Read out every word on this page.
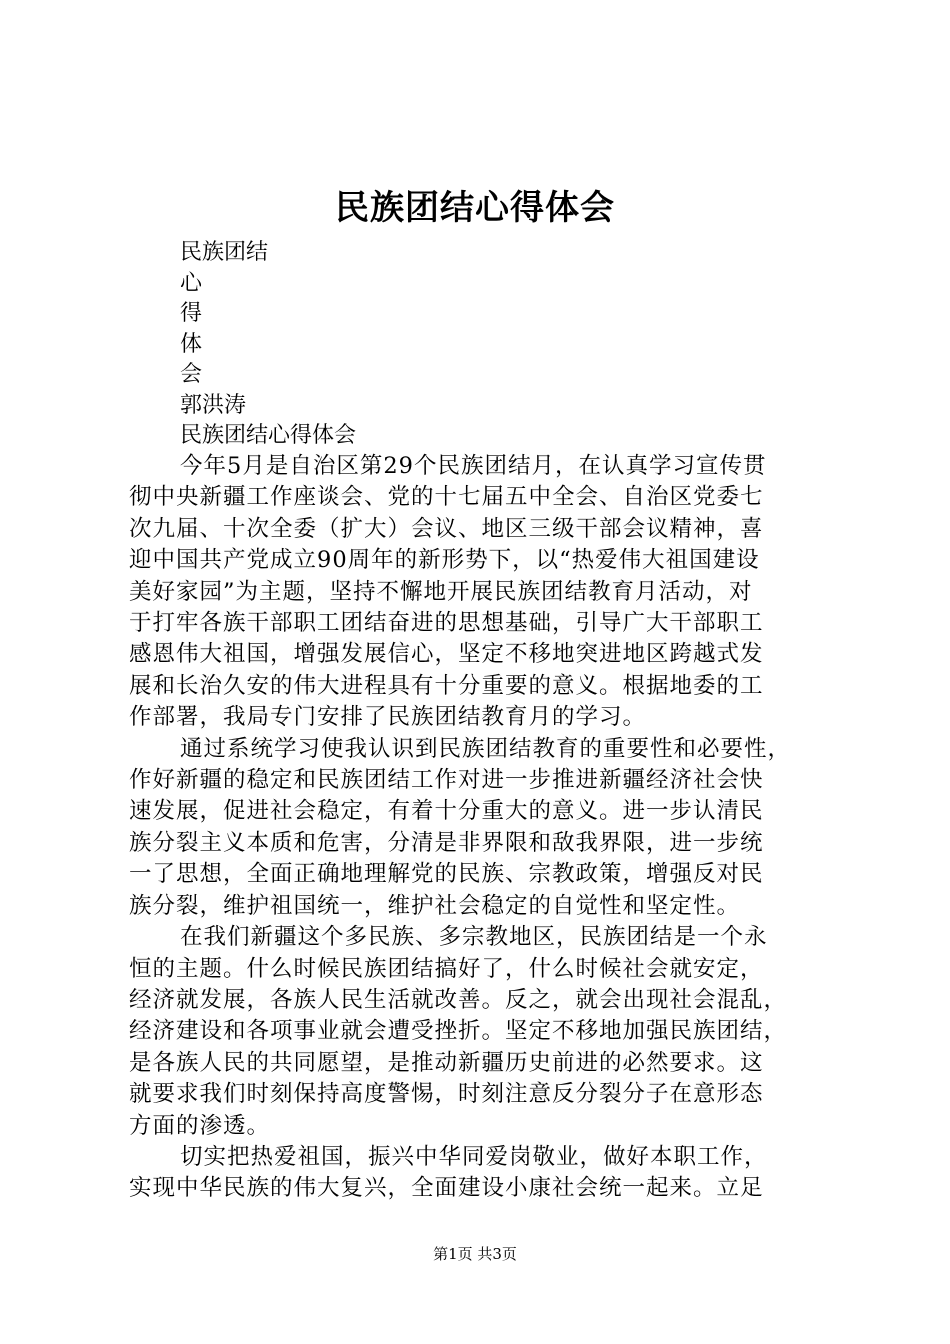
民族团结心得体会
民族团结
心
得
体
会
郭洪涛
民族团结心得体会
今年5月是自治区第29个民族团结月，在认真学习宣传贯
彻中央新疆工作座谈会、党的十七届五中全会、自治区党委七
次九届、十次全委（扩大）会议、地区三级干部会议精神，喜
迎中国共产党成立90周年的新形势下，以“热爱伟大祖国建设
美好家园”为主题，坚持不懈地开展民族团结教育月活动，对
于打牢各族干部职工团结奋进的思想基础，引导广大干部职工
感恩伟大祖国，增强发展信心，坚定不移地突进地区跨越式发
展和长治久安的伟大进程具有十分重要的意义。根据地委的工
作部署，我局专门安排了民族团结教育月的学习。
通过系统学习使我认识到民族团结教育的重要性和必要性，
作好新疆的稳定和民族团结工作对进一步推进新疆经济社会快
速发展，促进社会稳定，有着十分重大的意义。进一步认清民
族分裂主义本质和危害，分清是非界限和敌我界限，进一步统
一了思想，全面正确地理解党的民族、宗教政策，增强反对民
族分裂，维护祖国统一，维护社会稳定的自觉性和坚定性。
在我们新疆这个多民族、多宗教地区，民族团结是一个永
恒的主题。什么时候民族团结搞好了，什么时候社会就安定，
经济就发展，各族人民生活就改善。反之，就会出现社会混乱，
经济建设和各项事业就会遭受挫折。坚定不移地加强民族团结，
是各族人民的共同愿望，是推动新疆历史前进的必然要求。这
就要求我们时刻保持高度警惕，时刻注意反分裂分子在意形态
方面的渗透。
切实把热爱祖国，振兴中华同爱岗敬业，做好本职工作，
实现中华民族的伟大复兴，全面建设小康社会统一起来。立足
第1页 共3页
